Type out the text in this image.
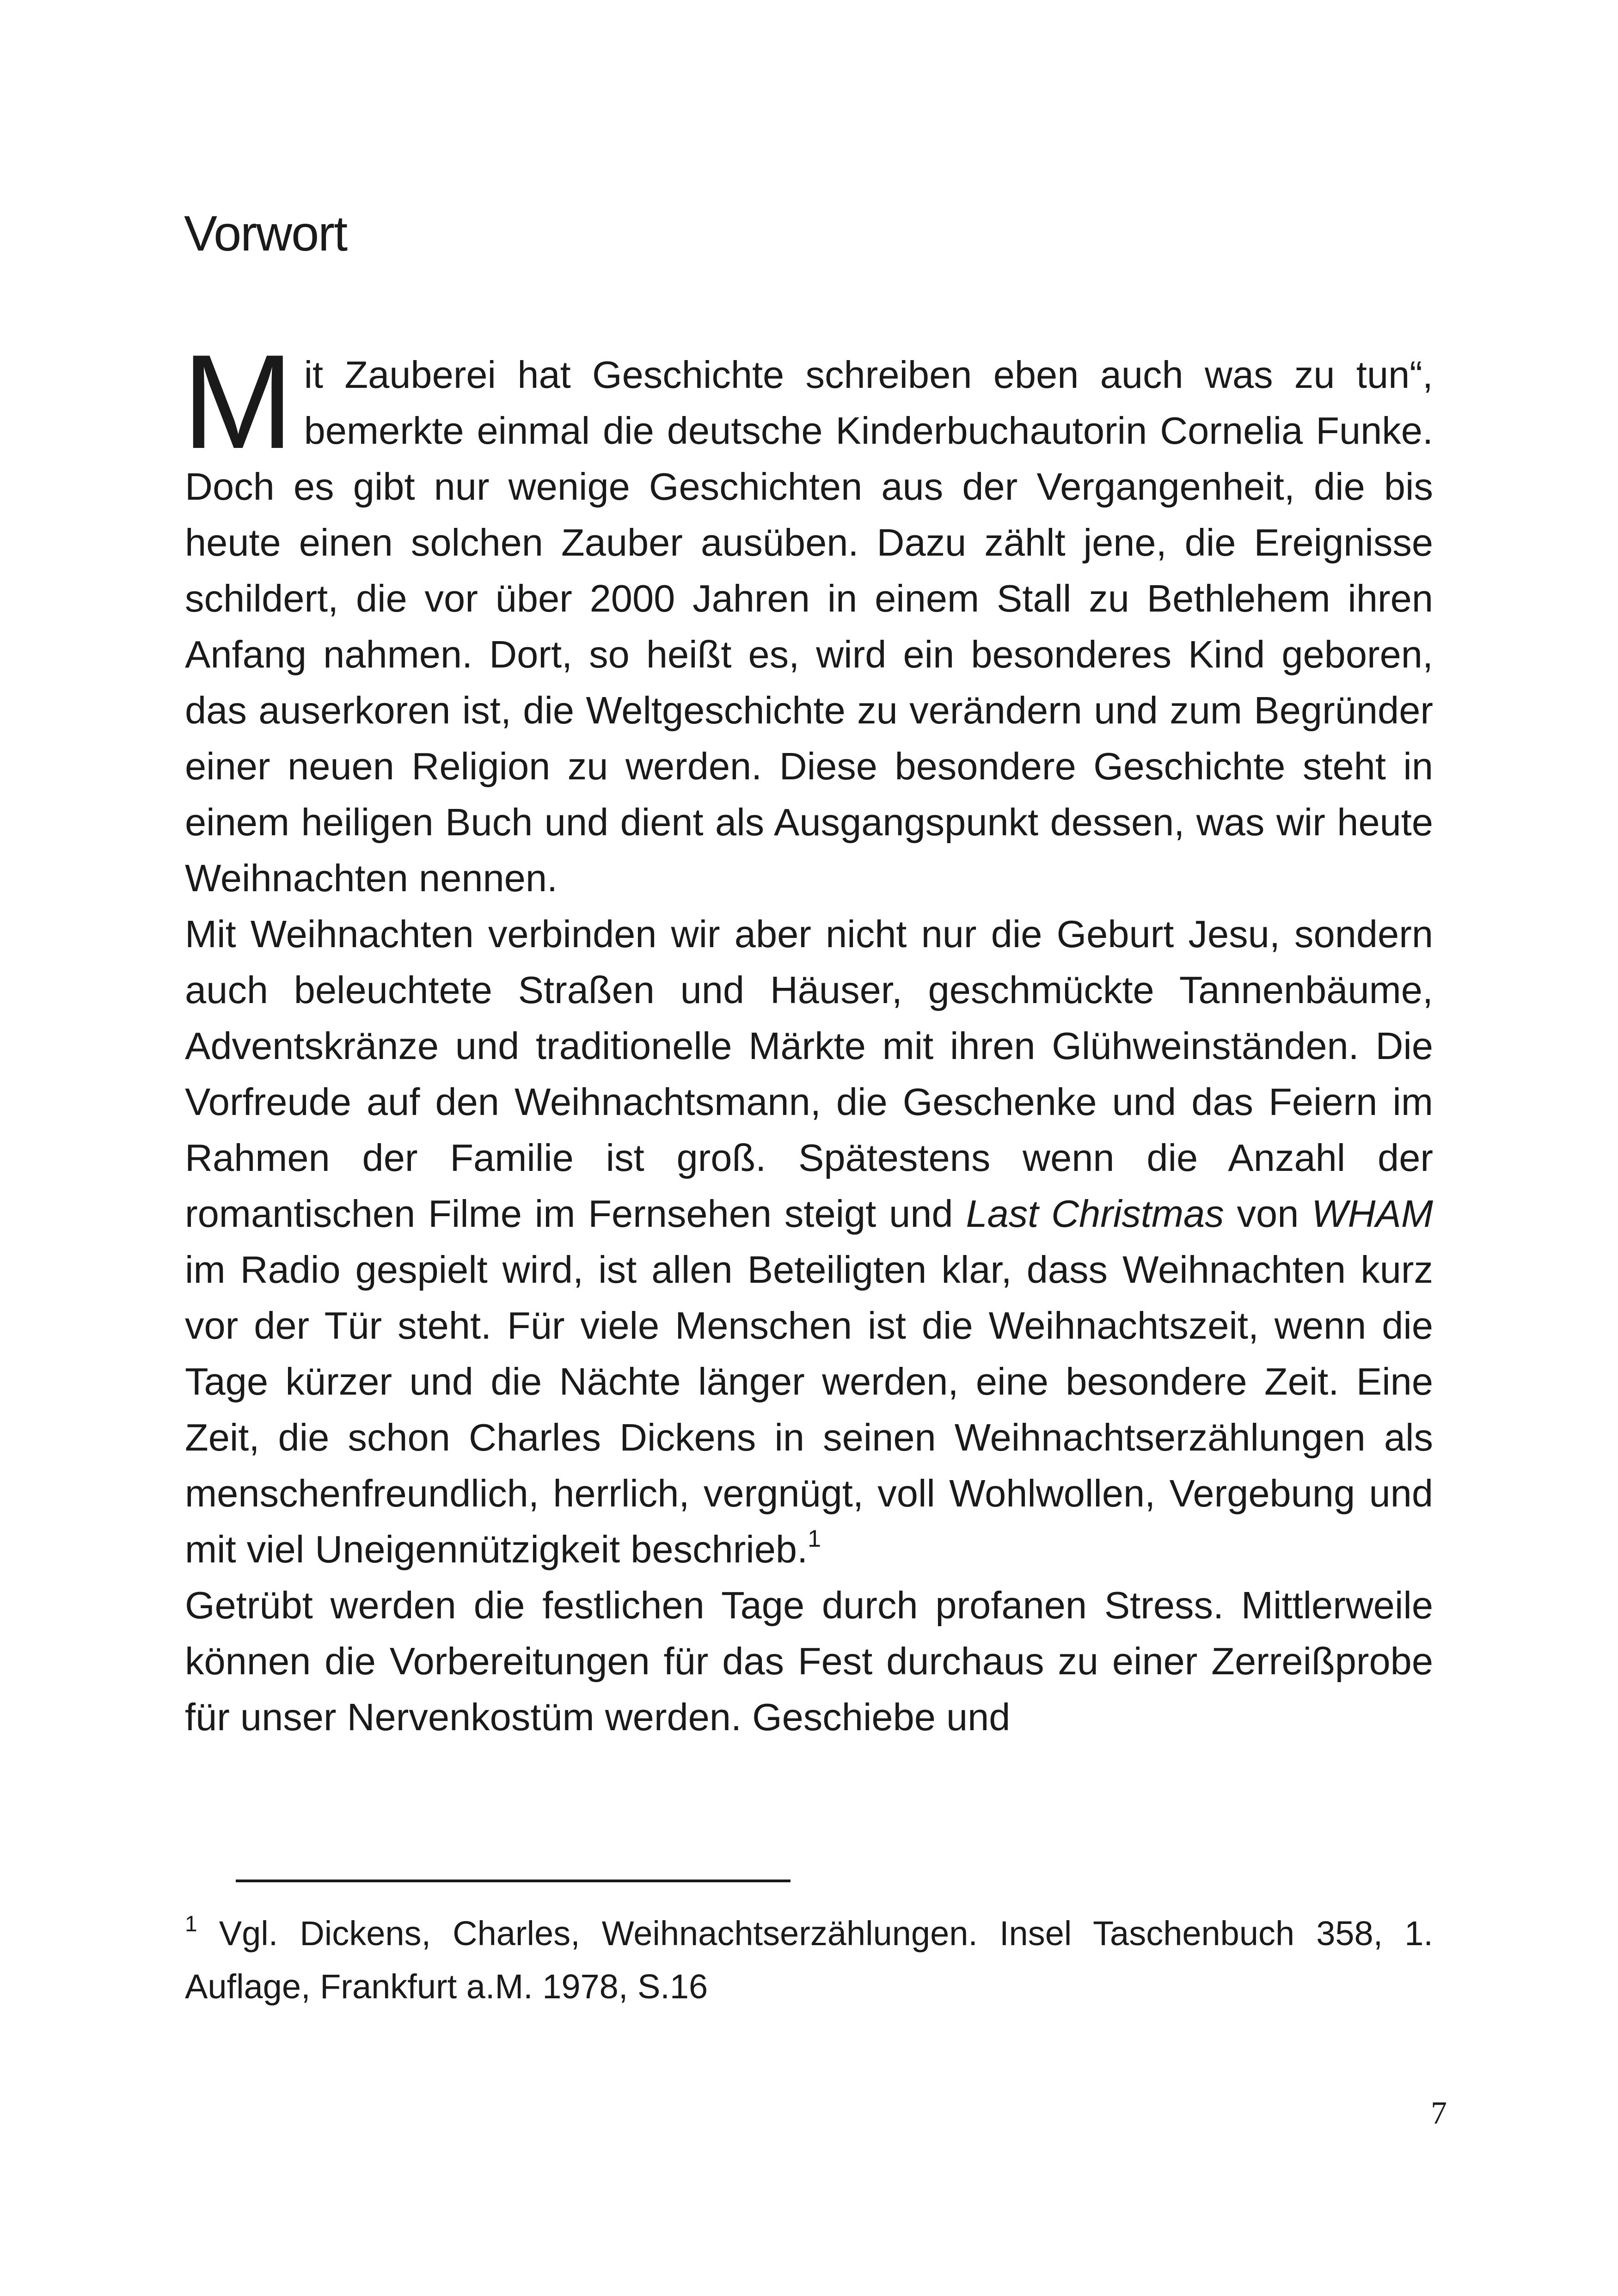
Vorwort

Mit Zauberei hat Geschichte schreiben eben auch was zu tun“, bemerkte einmal die deutsche Kinderbuchautorin Cornelia Funke. Doch es gibt nur wenige Geschichten aus der Vergangenheit, die bis heute einen solchen Zauber ausüben. Dazu zählt jene, die Ereignisse schildert, die vor über 2000 Jahren in einem Stall zu Bethlehem ihren Anfang nahmen. Dort, so heißt es, wird ein besonderes Kind geboren, das auserkoren ist, die Weltgeschichte zu verändern und zum Begründer einer neuen Religion zu werden. Diese besondere Geschichte steht in einem heiligen Buch und dient als Ausgangspunkt dessen, was wir heute Weihnachten nennen.

Mit Weihnachten verbinden wir aber nicht nur die Geburt Jesu, sondern auch beleuchtete Straßen und Häuser, geschmückte Tannenbäume, Adventskränze und traditionelle Märkte mit ihren Glühweinständen. Die Vorfreude auf den Weihnachtsmann, die Geschenke und das Feiern im Rahmen der Familie ist groß. Spätestens wenn die Anzahl der romantischen Filme im Fernsehen steigt und Last Christmas von WHAM im Radio gespielt wird, ist allen Beteiligten klar, dass Weihnachten kurz vor der Tür steht. Für viele Menschen ist die Weihnachtszeit, wenn die Tage kürzer und die Nächte länger werden, eine besondere Zeit. Eine Zeit, die schon Charles Dickens in seinen Weihnachtserzählungen als menschenfreundlich, herrlich, vergnügt, voll Wohlwollen, Vergebung und mit viel Uneigennützigkeit beschrieb.$^1$

Getrübt werden die festlichen Tage durch profanen Stress. Mittlerweile können die Vorbereitungen für das Fest durchaus zu einer Zerreißprobe für unser Nervenkostüm werden. Geschiebe und

$^1$ Vgl. Dickens, Charles, Weihnachtserzählungen. Insel Taschenbuch 358, 1. Auflage, Frankfurt a.M. 1978, S.16
7
